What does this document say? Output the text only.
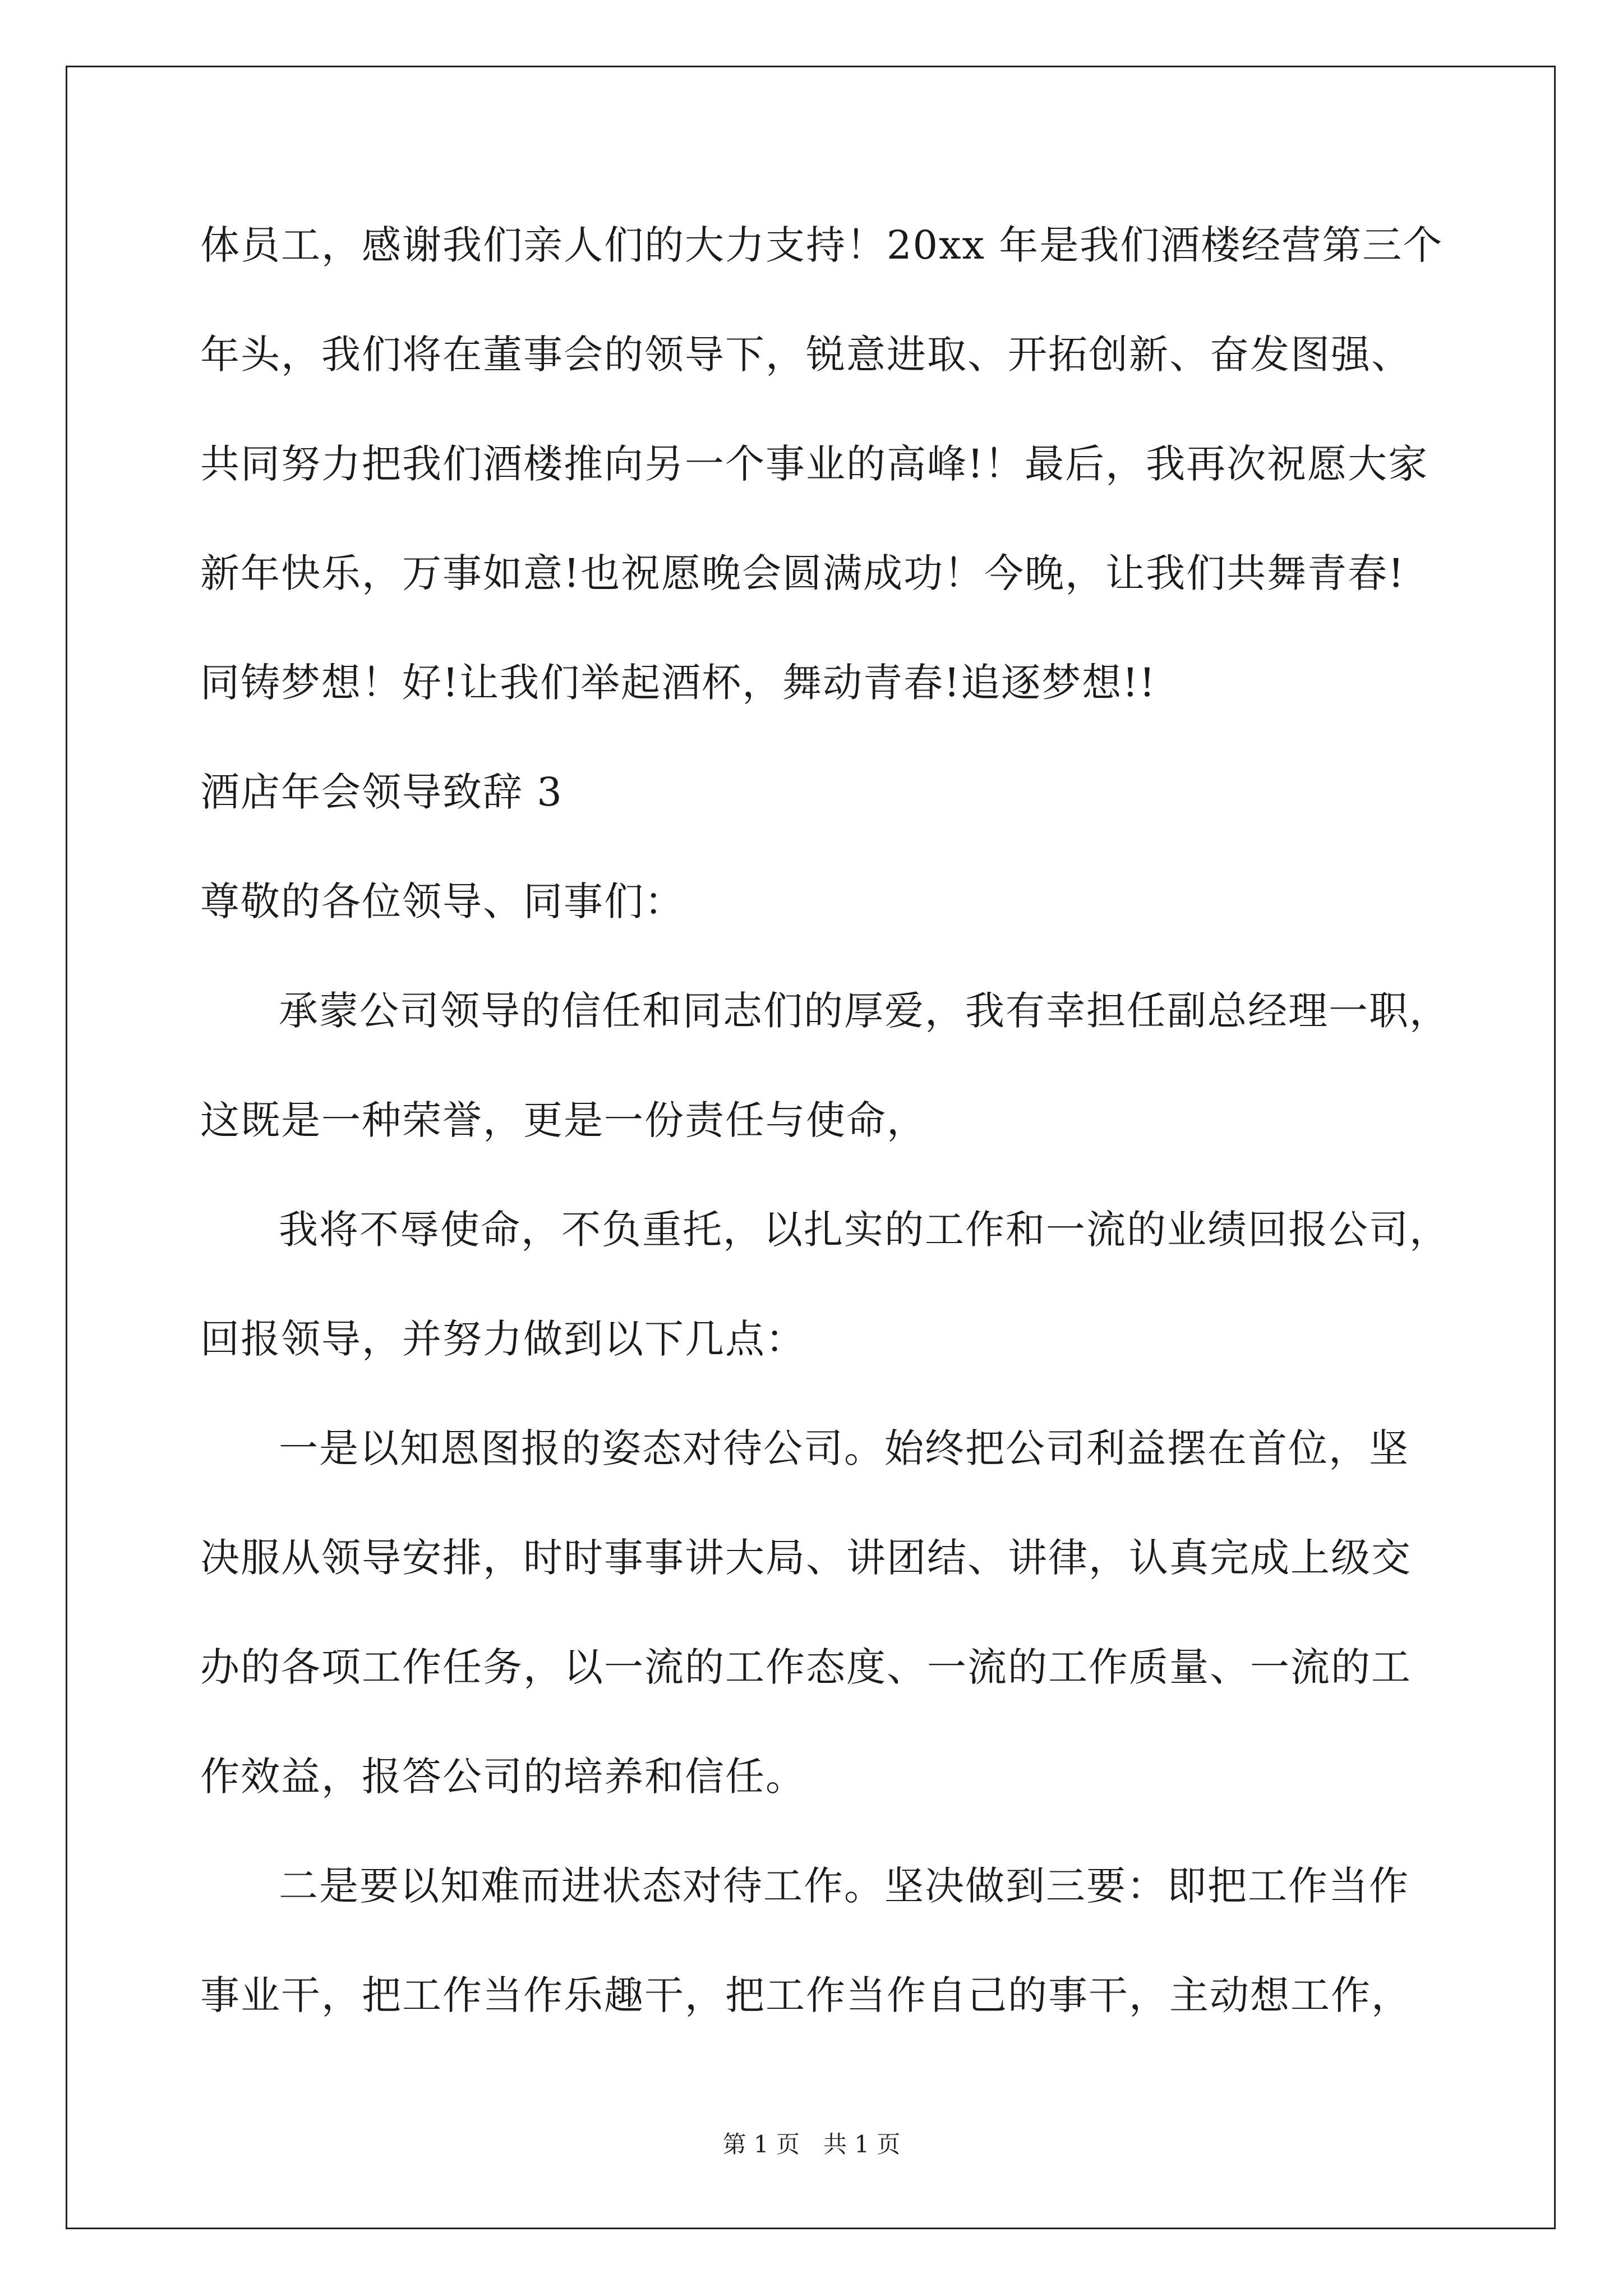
体员工，感谢我们亲人们的大力支持！20xx 年是我们酒楼经营第三个
年头，我们将在董事会的领导下，锐意进取、开拓创新、奋发图强、
共同努力把我们酒楼推向另一个事业的高峰!！最后，我再次祝愿大家
新年快乐，万事如意!也祝愿晚会圆满成功！今晚，让我们共舞青春!
同铸梦想！好!让我们举起酒杯，舞动青春!追逐梦想!!
酒店年会领导致辞 3
尊敬的各位领导、同事们：
承蒙公司领导的信任和同志们的厚爱，我有幸担任副总经理一职，
这既是一种荣誉，更是一份责任与使命，
我将不辱使命，不负重托，以扎实的工作和一流的业绩回报公司，
回报领导，并努力做到以下几点：
一是以知恩图报的姿态对待公司。始终把公司利益摆在首位，坚
决服从领导安排，时时事事讲大局、讲团结、讲律，认真完成上级交
办的各项工作任务，以一流的工作态度、一流的工作质量、一流的工
作效益，报答公司的培养和信任。
二是要以知难而进状态对待工作。坚决做到三要：即把工作当作
事业干，把工作当作乐趣干，把工作当作自己的事干，主动想工作，
第 1 页　共 1 页
